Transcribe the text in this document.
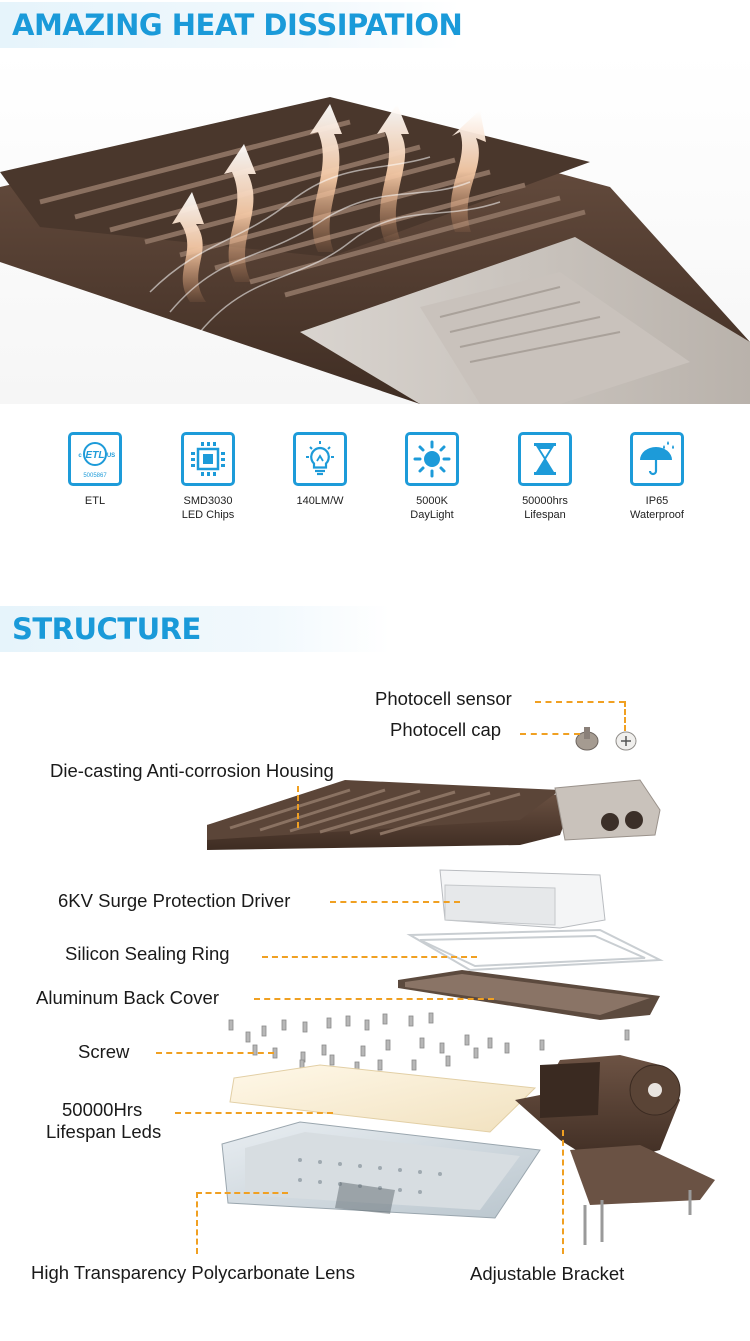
AMAZING HEAT DISSIPATION
ETL
c	US
5005867
ETL	SMD3030
LED Chips
140LM/W	5000K
DayLight
50000hrs
Lifespan
IP65
Waterproof
STRUCTURE
Photocell sensor
Photocell cap
Die-casting Anti-corrosion Housing
6KV Surge Protection Driver
Silicon Sealing Ring
Aluminum Back Cover
Screw
50000Hrs
Lifespan Leds
High Transparency Polycarbonate Lens	Adjustable Bracket
